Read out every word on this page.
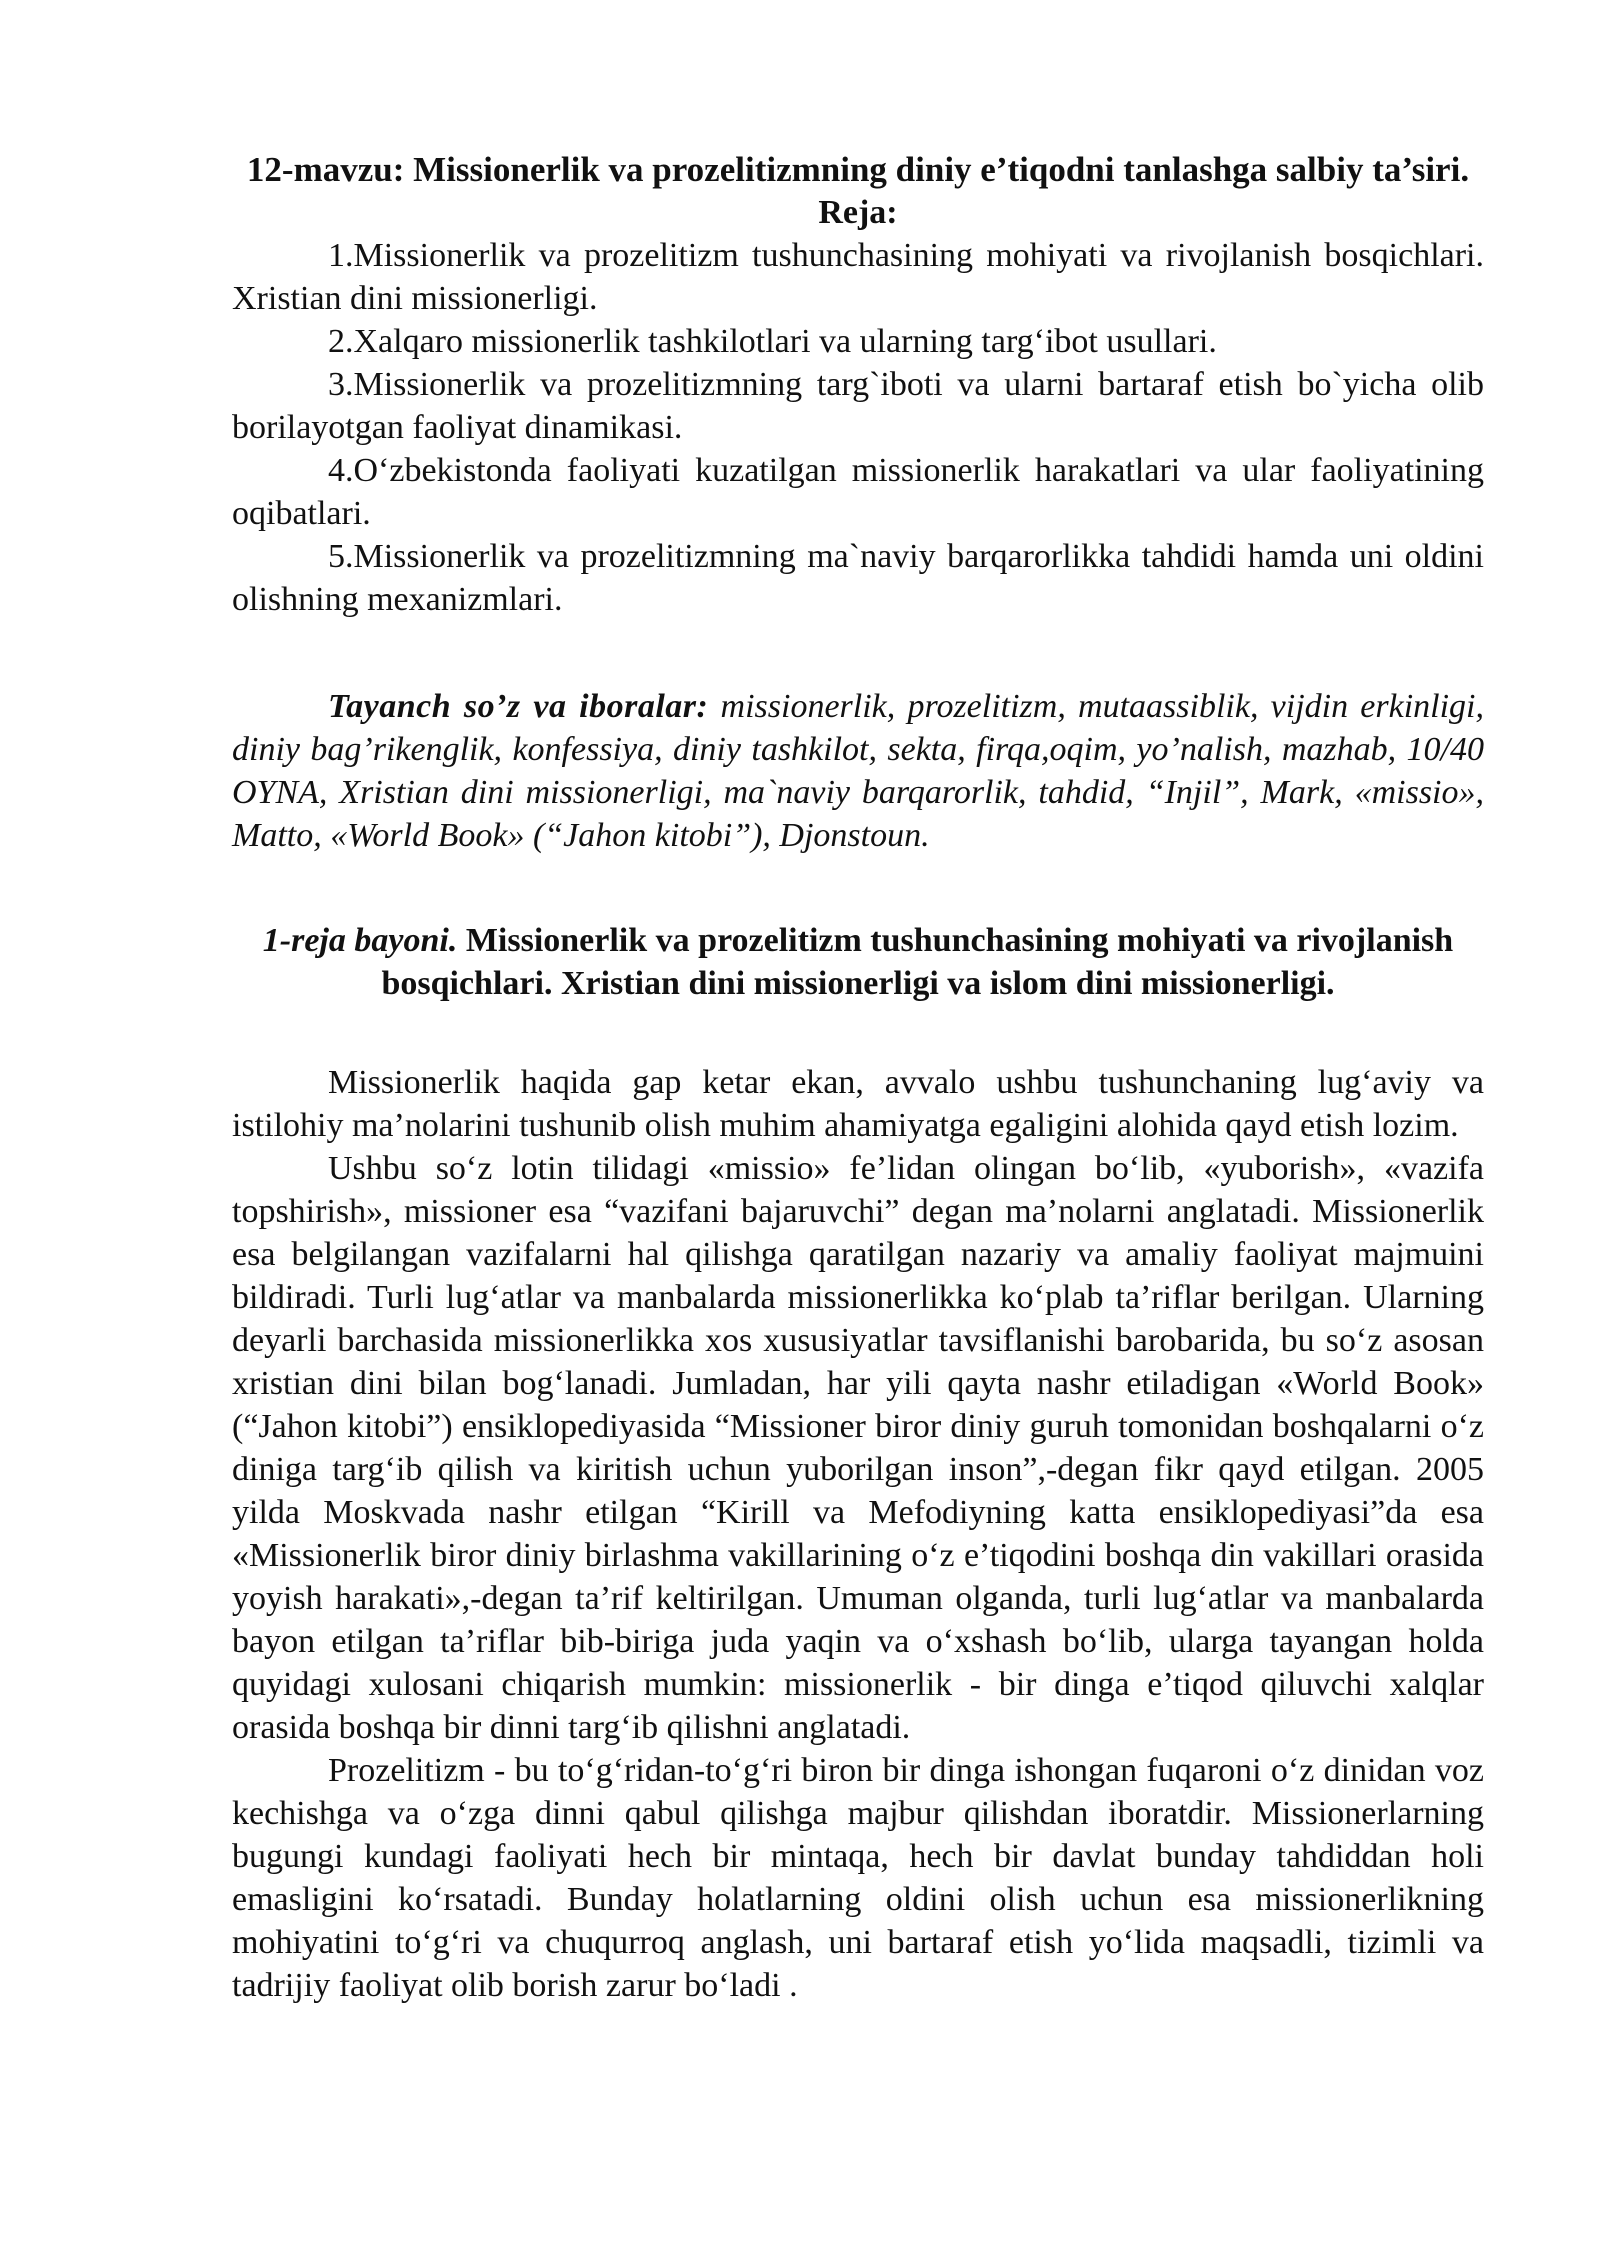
12-mavzu: Missionerlik va prozelitizmning diniy e’tiqodni tanlashga salbiy ta’siri.

Reja:

1.Missionerlik va prozelitizm tushunchasining mohiyati va rivojlanish bosqichlari. Xristian dini missionerligi.

2.Xalqaro missionerlik tashkilotlari va ularning targ‘ibot usullari.

3.Missionerlik va prozelitizmning targ`iboti va ularni bartaraf etish bo`yicha olib borilayotgan faoliyat dinamikasi.

4.O‘zbekistonda faoliyati kuzatilgan missionerlik harakatlari va ular faoliyatining oqibatlari.

5.Missionerlik va prozelitizmning ma`naviy barqarorlikka tahdidi hamda uni oldini olishning mexanizmlari.

Tayanch so’z va iboralar: missionerlik, prozelitizm, mutaassiblik, vijdin erkinligi, diniy bag’rikenglik, konfessiya, diniy tashkilot, sekta, firqa,oqim, yo’nalish, mazhab, 10/40 OYNA, Xristian dini missionerligi, ma`naviy barqarorlik, tahdid, “Injil”, Mark, «missio», Matto, «World Book» (“Jahon kitobi”), Djonstoun.

1-reja bayoni. Missionerlik va prozelitizm tushunchasining mohiyati va rivojlanish bosqichlari. Xristian dini missionerligi va islom dini missionerligi.

Missionerlik haqida gap ketar ekan, avvalo ushbu tushunchaning lug‘aviy va istilohiy ma’nolarini tushunib olish muhim ahamiyatga egaligini alohida qayd etish lozim.

Ushbu so‘z lotin tilidagi «missio» fe’lidan olingan bo‘lib, «yuborish», «vazifa topshirish», missioner esa “vazifani bajaruvchi” degan ma’nolarni anglatadi. Missionerlik esa belgilangan vazifalarni hal qilishga qaratilgan nazariy va amaliy faoliyat majmuini bildiradi. Turli lug‘atlar va manbalarda missionerlikka ko‘plab ta’riflar berilgan. Ularning deyarli barchasida missionerlikka xos xususiyatlar tavsiflanishi barobarida, bu so‘z asosan xristian dini bilan bog‘lanadi. Jumladan, har yili qayta nashr etiladigan «World Book» (“Jahon kitobi”) ensiklopediyasida “Missioner biror diniy guruh tomonidan boshqalarni o‘z diniga targ‘ib qilish va kiritish uchun yuborilgan inson”,-degan fikr qayd etilgan. 2005 yilda Moskvada nashr etilgan “Kirill va Mefodiyning katta ensiklopediyasi”da esa «Missionerlik biror diniy birlashma vakillarining o‘z e’tiqodini boshqa din vakillari orasida yoyish harakati»,-degan ta’rif keltirilgan. Umuman olganda, turli lug‘atlar va manbalarda bayon etilgan ta’riflar bib-biriga juda yaqin va o‘xshash bo‘lib, ularga tayangan holda quyidagi xulosani chiqarish mumkin: missionerlik - bir dinga e’tiqod qiluvchi xalqlar orasida boshqa bir dinni targ‘ib qilishni anglatadi.

Prozelitizm - bu to‘g‘ridan-to‘g‘ri biron bir dinga ishongan fuqaroni o‘z dinidan voz kechishga va o‘zga dinni qabul qilishga majbur qilishdan iboratdir. Missionerlarning bugungi kundagi faoliyati hech bir mintaqa, hech bir davlat bunday tahdiddan holi emasligini ko‘rsatadi. Bunday holatlarning oldini olish uchun esa missionerlikning mohiyatini to‘g‘ri va chuqurroq anglash, uni bartaraf etish yo‘lida maqsadli, tizimli va tadrijiy faoliyat olib borish zarur bo‘ladi .
